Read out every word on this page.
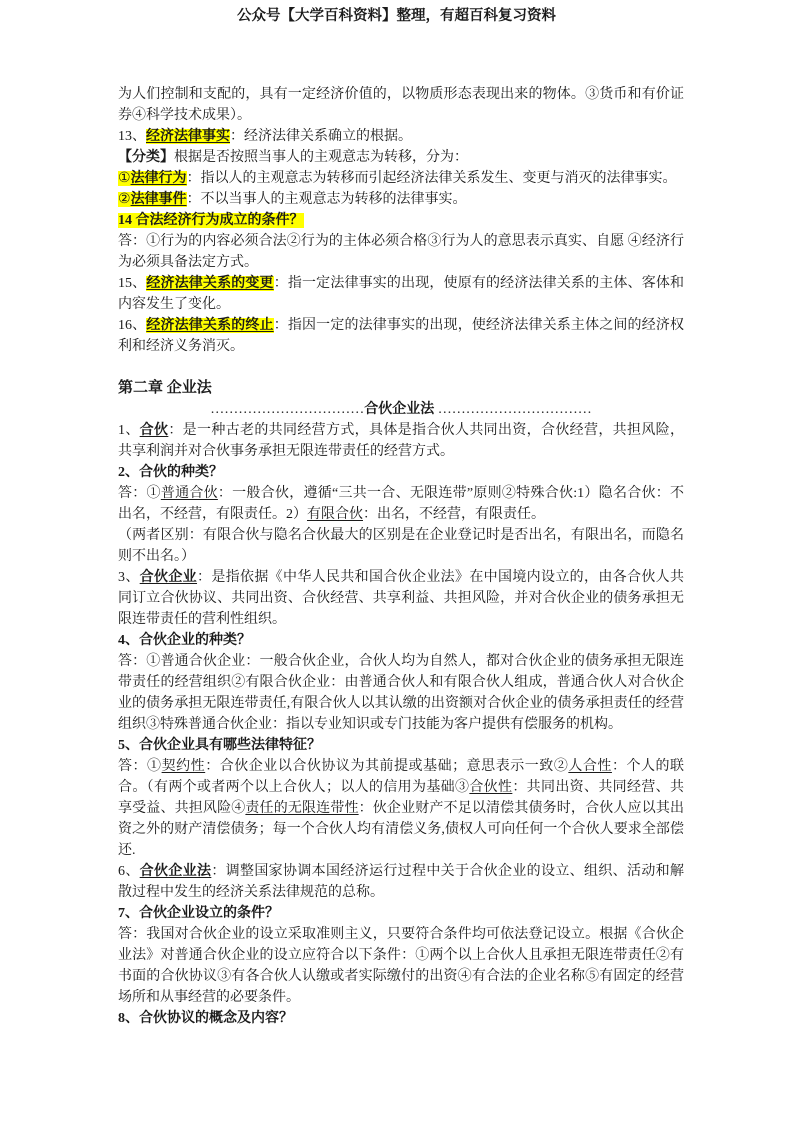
公众号【大学百科资料】整理，有超百科复习资料

为人们控制和支配的，具有一定经济价值的，以物质形态表现出来的物体。③货币和有价证券④科学技术成果）。

13、经济法律事实：经济法律关系确立的根据。

【分类】根据是否按照当事人的主观意志为转移，分为：

①法律行为：指以人的主观意志为转移而引起经济法律关系发生、变更与消灭的法律事实。

②法律事件：不以当事人的主观意志为转移的法律事实。

14 合法经济行为成立的条件？

答：①行为的内容必须合法②行为的主体必须合格③行为人的意思表示真实、自愿 ④经济行为必须具备法定方式。

15、经济法律关系的变更：指一定法律事实的出现，使原有的经济法律关系的主体、客体和内容发生了变化。

16、经济法律关系的终止：指因一定的法律事实的出现，使经济法律关系主体之间的经济权利和经济义务消灭。

第二章 企业法

……………………………合伙企业法 ……………………………

1、合伙：是一种古老的共同经营方式，具体是指合伙人共同出资，合伙经营，共担风险，共享利润并对合伙事务承担无限连带责任的经营方式。

2、合伙的种类？

答：①普通合伙：一般合伙，遵循“三共一合、无限连带”原则②特殊合伙:1）隐名合伙：不出名，不经营，有限责任。2）有限合伙：出名，不经营，有限责任。

（两者区别：有限合伙与隐名合伙最大的区别是在企业登记时是否出名，有限出名，而隐名则不出名。）

3、合伙企业：是指依据《中华人民共和国合伙企业法》在中国境内设立的，由各合伙人共同订立合伙协议、共同出资、合伙经营、共享利益、共担风险，并对合伙企业的债务承担无限连带责任的营利性组织。

4、合伙企业的种类？

答：①普通合伙企业：一般合伙企业，合伙人均为自然人，都对合伙企业的债务承担无限连带责任的经营组织②有限合伙企业：由普通合伙人和有限合伙人组成，普通合伙人对合伙企业的债务承担无限连带责任,有限合伙人以其认缴的出资额对合伙企业的债务承担责任的经营组织③特殊普通合伙企业：指以专业知识或专门技能为客户提供有偿服务的机构。

5、合伙企业具有哪些法律特征？

答：①契约性：合伙企业以合伙协议为其前提或基础；意思表示一致②人合性：个人的联合。（有两个或者两个以上合伙人；以人的信用为基础③合伙性：共同出资、共同经营、共享受益、共担风险④责任的无限连带性：伙企业财产不足以清偿其债务时，合伙人应以其出资之外的财产清偿债务；每一个合伙人均有清偿义务,债权人可向任何一个合伙人要求全部偿还.

6、合伙企业法：调整国家协调本国经济运行过程中关于合伙企业的设立、组织、活动和解散过程中发生的经济关系法律规范的总称。

7、合伙企业设立的条件？

答：我国对合伙企业的设立采取准则主义，只要符合条件均可依法登记设立。根据《合伙企业法》对普通合伙企业的设立应符合以下条件：①两个以上合伙人且承担无限连带责任②有书面的合伙协议③有各合伙人认缴或者实际缴付的出资④有合法的企业名称⑤有固定的经营场所和从事经营的必要条件。

8、合伙协议的概念及内容？
